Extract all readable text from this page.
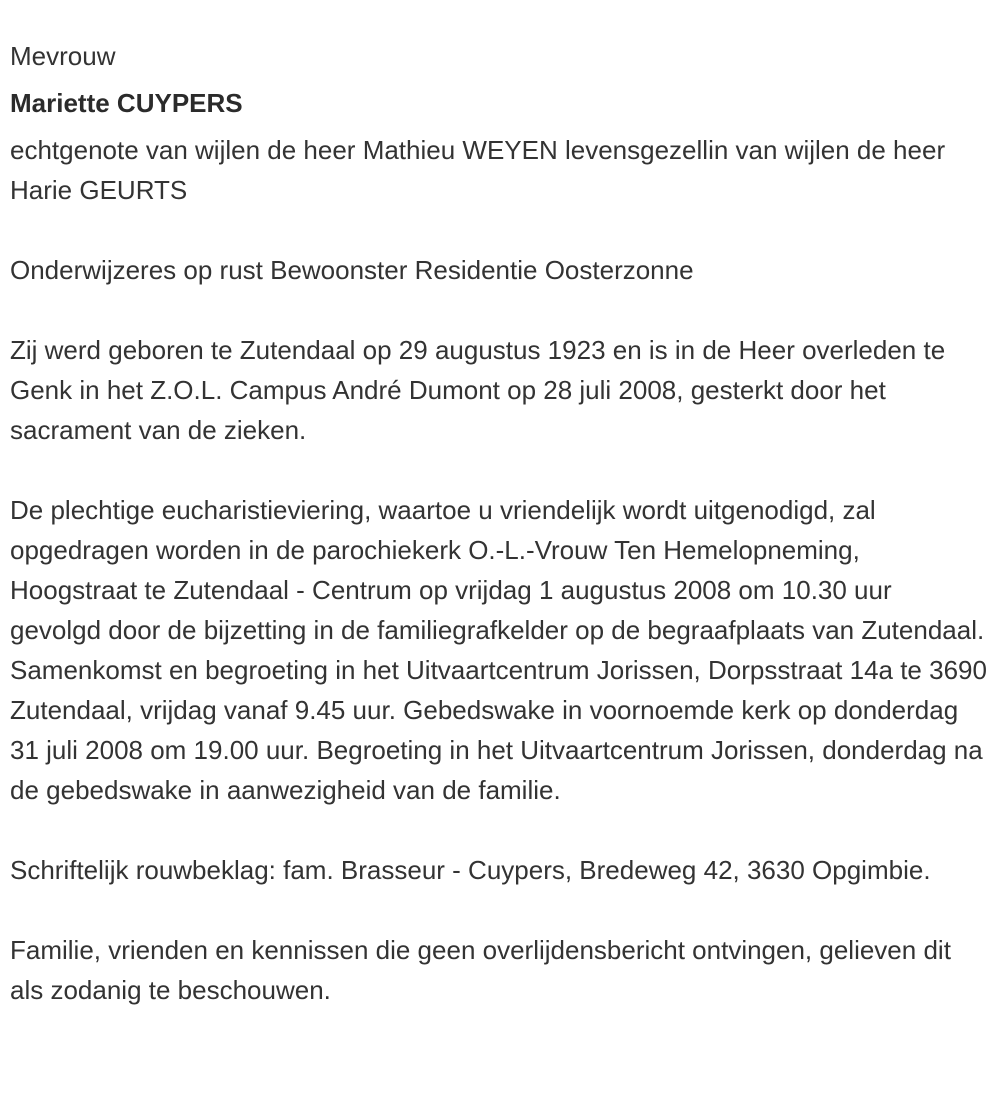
Mevrouw

Mariette CUYPERS

echtgenote van wijlen de heer Mathieu WEYEN levensgezellin van wijlen de heer Harie GEURTS

Onderwijzeres op rust Bewoonster Residentie Oosterzonne

Zij werd geboren te Zutendaal op 29 augustus 1923 en is in de Heer overleden te Genk in het Z.O.L. Campus André Dumont op 28 juli 2008, gesterkt door het sacrament van de zieken.

De plechtige eucharistieviering, waartoe u vriendelijk wordt uitgenodigd, zal opgedragen worden in de parochiekerk O.-L.-Vrouw Ten Hemelopneming, Hoogstraat te Zutendaal - Centrum op vrijdag 1 augustus 2008 om 10.30 uur gevolgd door de bijzetting in de familiegrafkelder op de begraafplaats van Zutendaal. Samenkomst en begroeting in het Uitvaartcentrum Jorissen, Dorpsstraat 14a te 3690 Zutendaal, vrijdag vanaf 9.45 uur. Gebedswake in voornoemde kerk op donderdag 31 juli 2008 om 19.00 uur. Begroeting in het Uitvaartcentrum Jorissen, donderdag na de gebedswake in aanwezigheid van de familie.

Schriftelijk rouwbeklag: fam. Brasseur - Cuypers, Bredeweg 42, 3630 Opgimbie.

Familie, vrienden en kennissen die geen overlijdensbericht ontvingen, gelieven dit als zodanig te beschouwen.
